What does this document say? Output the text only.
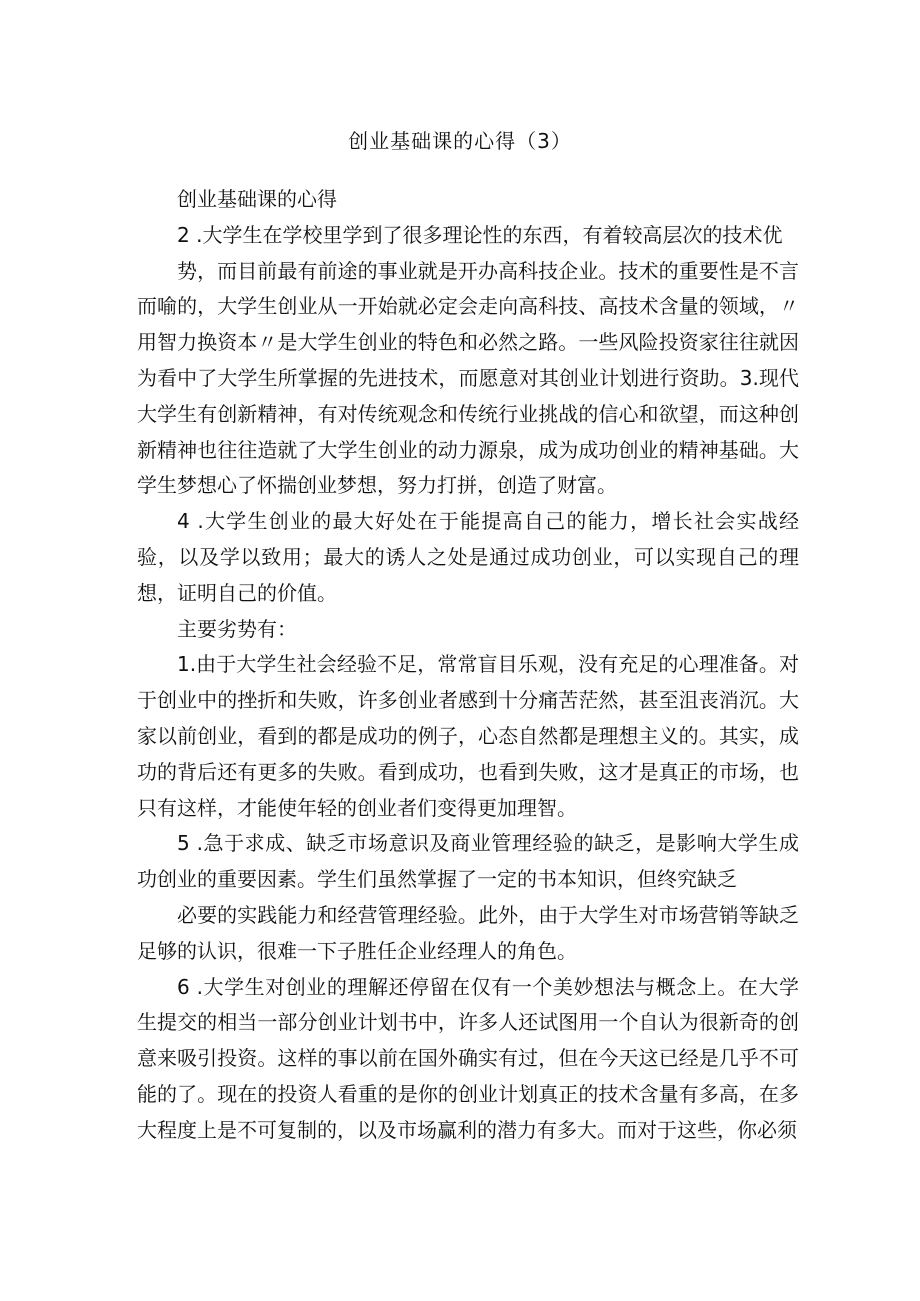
创业基础课的心得（3）

创业基础课的心得

2 .大学生在学校里学到了很多理论性的东西，有着较高层次的技术优

势，而目前最有前途的事业就是开办高科技企业。技术的重要性是不言而喻的，大学生创业从一开始就必定会走向高科技、高技术含量的领域，〃用智力换资本〃是大学生创业的特色和必然之路。一些风险投资家往往就因为看中了大学生所掌握的先进技术，而愿意对其创业计划进行资助。3.现代大学生有创新精神，有对传统观念和传统行业挑战的信心和欲望，而这种创新精神也往往造就了大学生创业的动力源泉，成为成功创业的精神基础。大学生梦想心了怀揣创业梦想，努力打拼，创造了财富。

4 .大学生创业的最大好处在于能提高自己的能力，增长社会实战经验，以及学以致用；最大的诱人之处是通过成功创业，可以实现自己的理想，证明自己的价值。

主要劣势有：

1.由于大学生社会经验不足，常常盲目乐观，没有充足的心理准备。对于创业中的挫折和失败，许多创业者感到十分痛苦茫然，甚至沮丧消沉。大家以前创业，看到的都是成功的例子，心态自然都是理想主义的。其实，成功的背后还有更多的失败。看到成功，也看到失败，这才是真正的市场，也只有这样，才能使年轻的创业者们变得更加理智。

5 .急于求成、缺乏市场意识及商业管理经验的缺乏，是影响大学生成功创业的重要因素。学生们虽然掌握了一定的书本知识，但终究缺乏

必要的实践能力和经营管理经验。此外，由于大学生对市场营销等缺乏足够的认识，很难一下子胜任企业经理人的角色。

6 .大学生对创业的理解还停留在仅有一个美妙想法与概念上。在大学生提交的相当一部分创业计划书中，许多人还试图用一个自认为很新奇的创意来吸引投资。这样的事以前在国外确实有过，但在今天这已经是几乎不可能的了。现在的投资人看重的是你的创业计划真正的技术含量有多高，在多大程度上是不可复制的，以及市场赢利的潜力有多大。而对于这些，你必须
